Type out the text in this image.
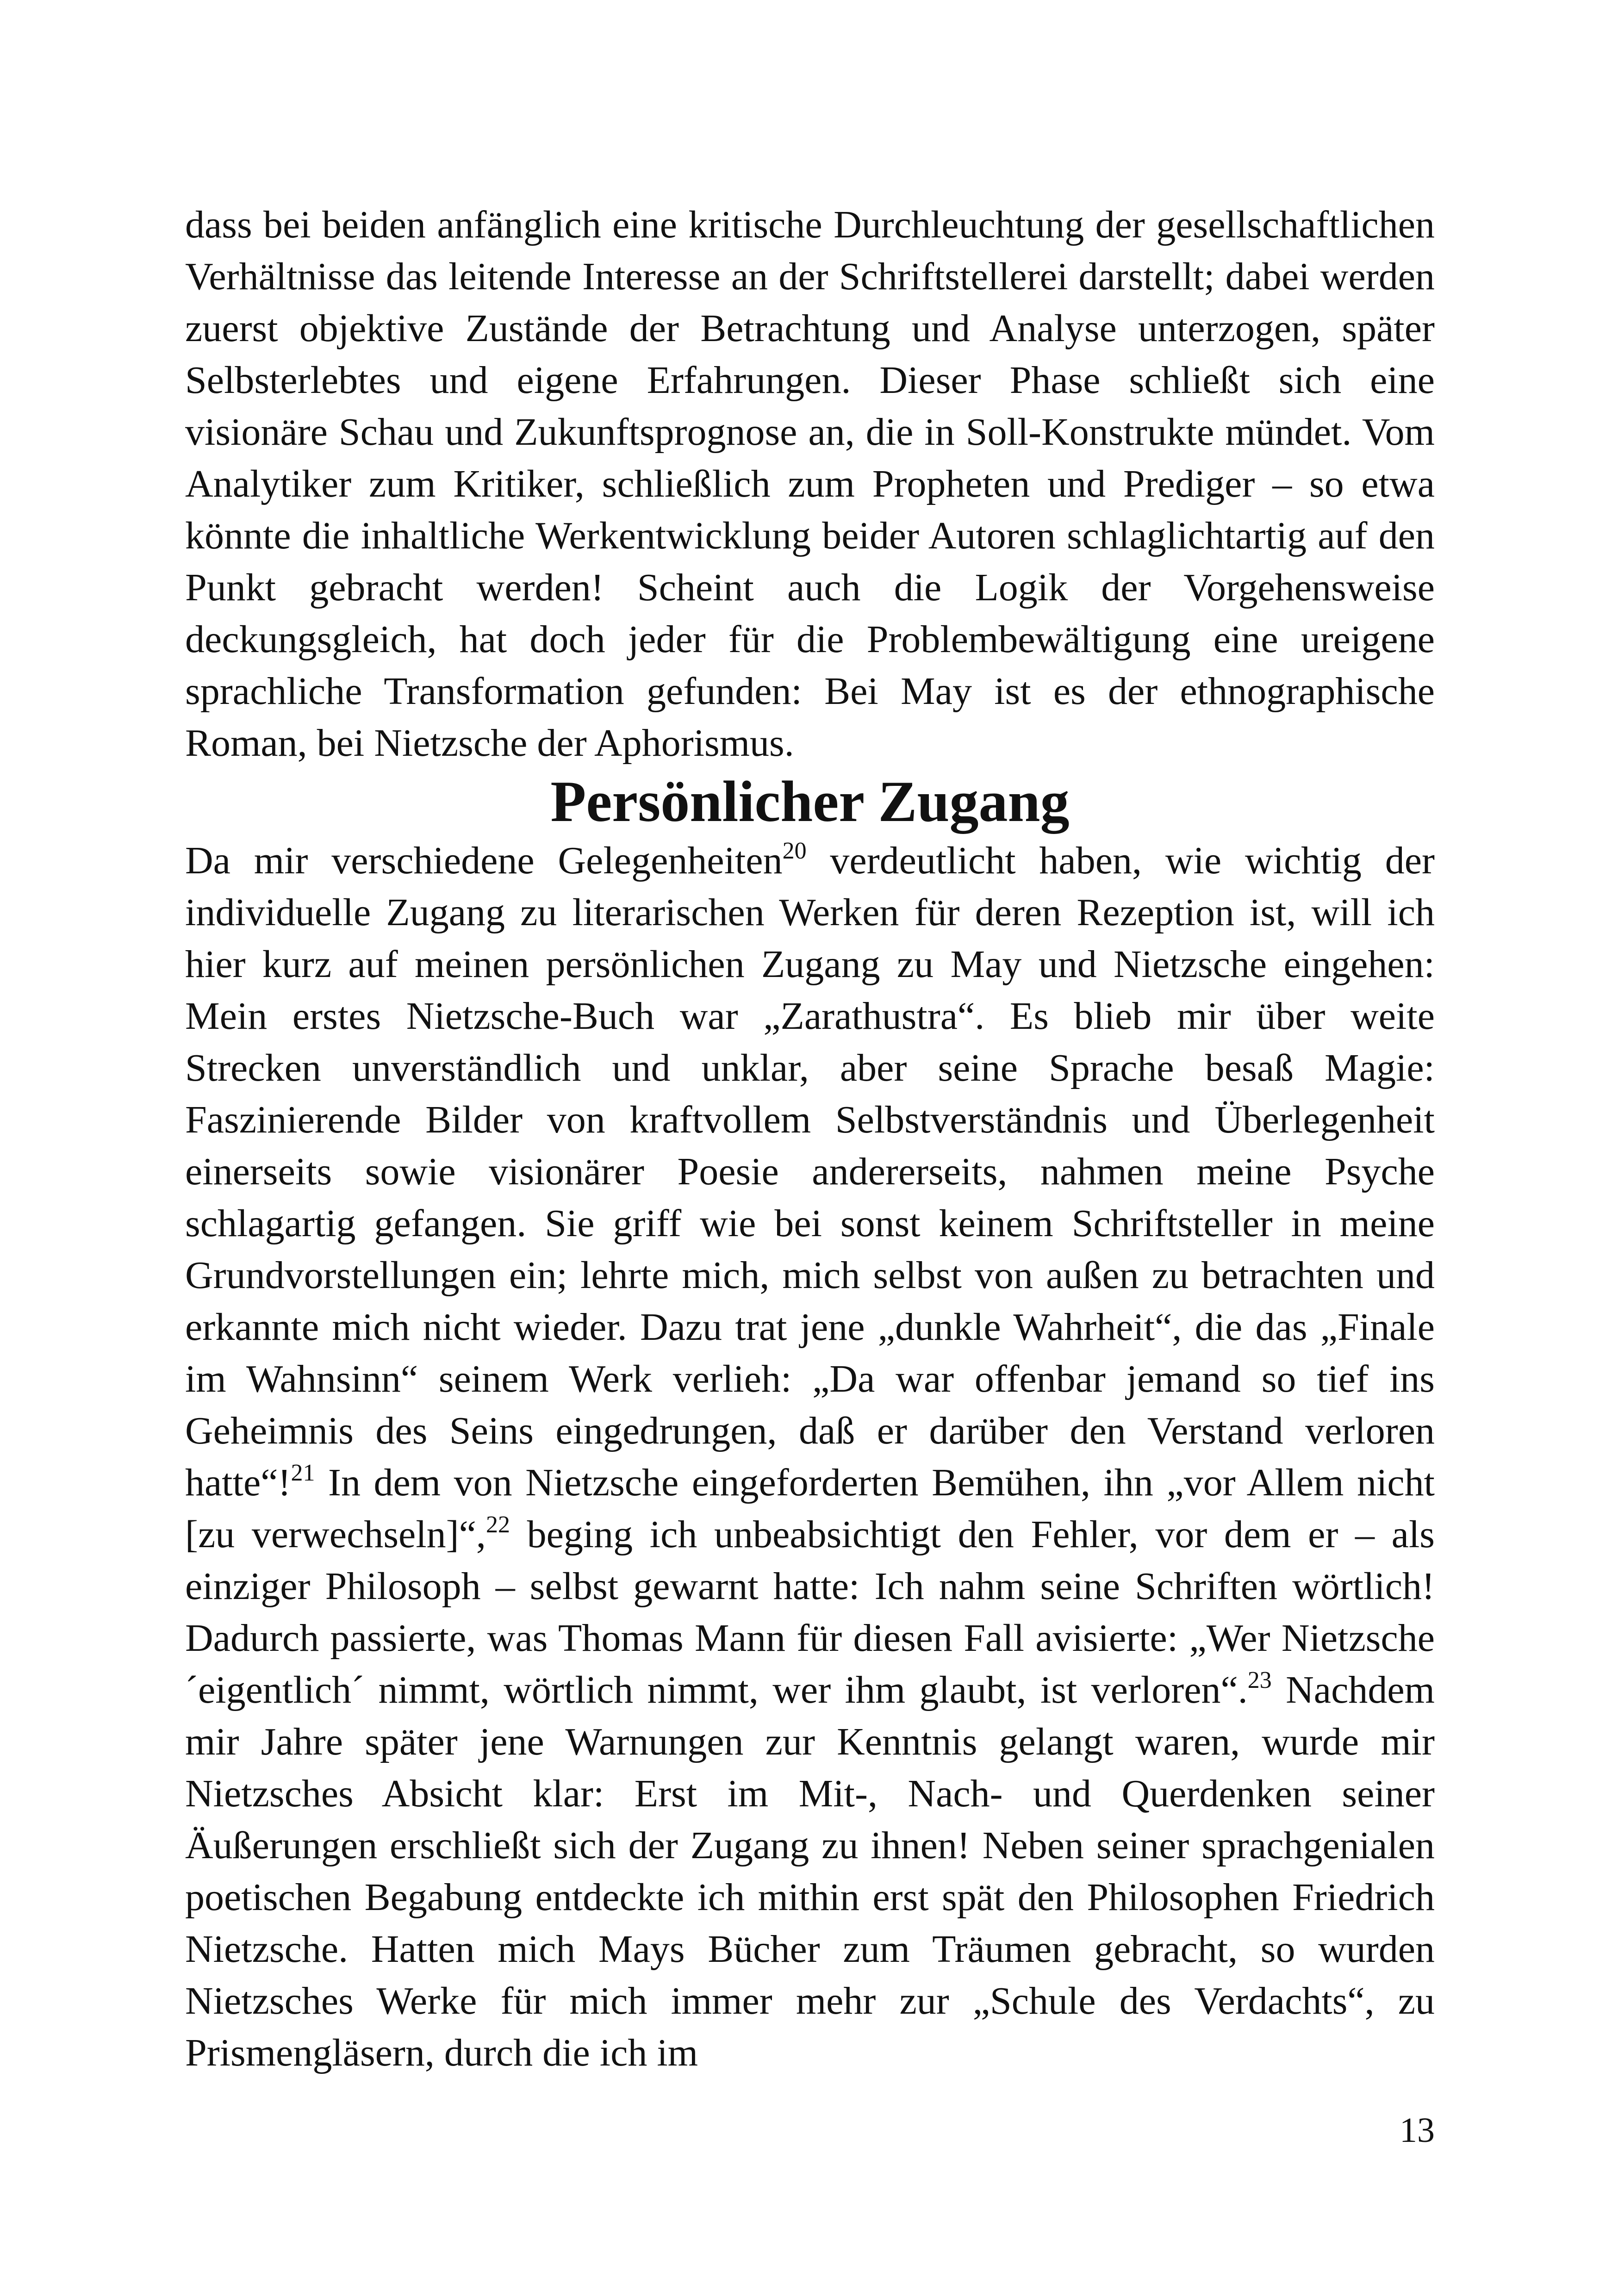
dass bei beiden anfänglich eine kritische Durchleuchtung der gesellschaftlichen Verhältnisse das leitende Interesse an der Schriftstellerei darstellt; dabei werden zuerst objektive Zustände der Betrachtung und Analyse unterzogen, später Selbsterlebtes und eigene Erfahrungen. Dieser Phase schließt sich eine visionäre Schau und Zukunftsprognose an, die in Soll-Konstrukte mündet. Vom Analytiker zum Kritiker, schließlich zum Propheten und Prediger – so etwa könnte die inhaltliche Werkentwicklung beider Autoren schlaglichtartig auf den Punkt gebracht werden! Scheint auch die Logik der Vorgehensweise deckungsgleich, hat doch jeder für die Problembewältigung eine ureigene sprachliche Transformation gefunden: Bei May ist es der ethnographische Roman, bei Nietzsche der Aphorismus.

Persönlicher Zugang

Da mir verschiedene Gelegenheiten$^{20}$ verdeutlicht haben, wie wichtig der individuelle Zugang zu literarischen Werken für deren Rezeption ist, will ich hier kurz auf meinen persönlichen Zugang zu May und Nietzsche eingehen: Mein erstes Nietzsche-Buch war „Zarathustra“. Es blieb mir über weite Strecken unverständlich und unklar, aber seine Sprache besaß Magie: Faszinierende Bilder von kraftvollem Selbstverständnis und Überlegenheit einerseits sowie visionärer Poesie andererseits, nahmen meine Psyche schlagartig gefangen. Sie griff wie bei sonst keinem Schriftsteller in meine Grundvorstellungen ein; lehrte mich, mich selbst von außen zu betrachten und erkannte mich nicht wieder. Dazu trat jene „dunkle Wahrheit“, die das „Finale im Wahnsinn“ seinem Werk verlieh: „Da war offenbar jemand so tief ins Geheimnis des Seins eingedrungen, daß er darüber den Verstand verloren hatte“!$^{21}$ In dem von Nietzsche eingeforderten Bemühen, ihn „vor Allem nicht [zu verwechseln]“,$^{22}$ beging ich unbeabsichtigt den Fehler, vor dem er – als einziger Philosoph – selbst gewarnt hatte: Ich nahm seine Schriften wörtlich! Dadurch passierte, was Thomas Mann für diesen Fall avisierte: „Wer Nietzsche ´eigentlich´ nimmt, wörtlich nimmt, wer ihm glaubt, ist verloren“.$^{23}$ Nachdem mir Jahre später jene Warnungen zur Kenntnis gelangt waren, wurde mir Nietzsches Absicht klar: Erst im Mit-, Nach- und Querdenken seiner Äußerungen erschließt sich der Zugang zu ihnen! Neben seiner sprachgenialen poetischen Begabung entdeckte ich mithin erst spät den Philosophen Friedrich Nietzsche. Hatten mich Mays Bücher zum Träumen gebracht, so wurden Nietzsches Werke für mich immer mehr zur „Schule des Verdachts“, zu Prismengläsern, durch die ich im

13
